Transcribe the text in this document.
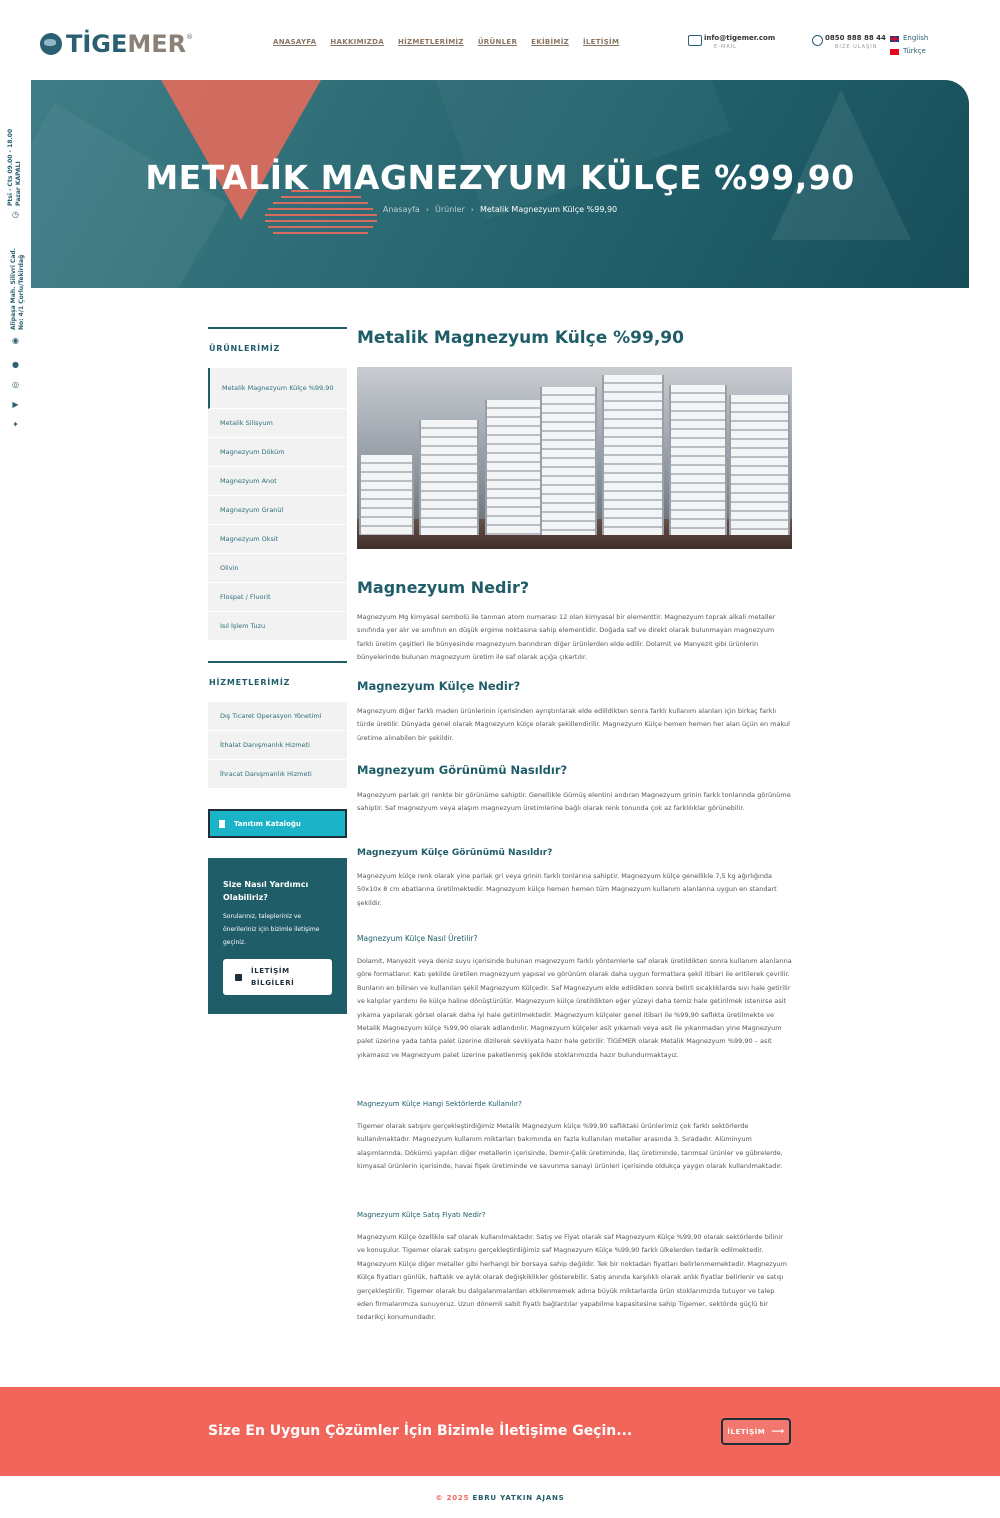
TİGEMER ®
ANASAYFA HAKKIMIZDA HİZMETLERİMİZ ÜRÜNLER EKİBİMİZ İLETİŞİM	info@tigemer.com
E-MAİL
0850 888 88 44
BİZE ULAŞIN
English
Türkçe
Ptsi - Cts 09.00 - 18.00 Pazar KAPALI
◷
Alipaşa Mah. Silivri Cad. No: 4/1 Çorlu/Tekirdağ
◉
●
◎
▶
✦
METALİK MAGNEZYUM KÜLÇE %99,90
Anasayfa › Ürünler › Metalik Magnezyum Külçe %99,90
ÜRÜNLERİMİZ
Metalik Magnezyum Külçe %99,90
Metalik Silisyum
Magnezyum Döküm
Magnezyum Anot
Magnezyum Granül
Magnezyum Oksit
Olivin
Flospat / Fluorit
Isıl İşlem Tuzu
HİZMETLERİMİZ
Dış Ticaret Operasyon Yönetimi
İthalat Danışmanlık Hizmeti
İhracat Danışmanlık Hizmeti
Tanıtım Kataloğu
Size Nasıl Yardımcı Olabiliriz?
Sorularınız, talepleriniz ve önerileriniz için bizimle iletişime geçiniz.
İLETİŞİM BİLGİLERİ
Metalik Magnezyum Külçe %99,90
Magnezyum Nedir?
Magnezyum Mg kimyasal sembolü ile tanınan atom numarası 12 olan kimyasal bir elementtir. Magnezyum toprak alkali metaller sınıfında yer alır ve sınıfının en düşük ergime noktasına sahip elementidir. Doğada saf ve direkt olarak bulunmayan magnezyum farklı üretim çeşitleri ile bünyesinde magnezyum barındıran diğer ürünlerden elde edilir. Dolamit ve Manyezit gibi ürünlerin bünyelerinde bulunan magnezyum üretim ile saf olarak açığa çıkartılır.
Magnezyum Külçe Nedir?
Magnezyum diğer farklı maden ürünlerinin içerisinden ayrıştırılarak elde edilldikten sonra farklı kullanım alanları için birkaç farklı türde üretilir. Dünyada genel olarak Magnezyum külçe olarak şekillendirilir. Magnezyum Külçe hemen hemen her alan üçün en makul üretime alınabilen bir şekildir.
Magnezyum Görünümü Nasıldır?
Magnezyum parlak gri renkte bir görünüme sahiptir. Genellikle Gümüş elentini andıran Magnezyum grinin farklı tonlarında görünüme sahiptir. Saf magnezyum veya alaşım magnezyum üretimlerine bağlı olarak renk tonunda çok az farklılıklar görünebilir.
Magnezyum Külçe Görünümü Nasıldır?
Magnezyum külçe renk olarak yine parlak gri veya grinin farklı tonlarına sahiptir. Magnezyum külçe genellikle 7,5 kg ağırlığında 50x10x 8 cm ebatlarına üretilmektedir. Magnezyum külçe hemen hemen tüm Magnezyum kullanım alanlarına uygun en standart şekildir.
Magnezyum Külçe Nasıl Üretilir?
Dolamit, Manyezit veya deniz suyu içerisinde bulunan magnezyum farklı yöntemlerle saf olarak üretildikten sonra kullanım alanlarına göre formatlanır. Katı şekilde üretilen magnezyum yapısal ve görünüm olarak daha uygun formatlara şekil itibari ile eritilerek çevrilir. Bunların en bilinen ve kullanılan şekil Magnezyum Külçedir. Saf Magnezyum elde edildikten sonra belirli sıcaklıklarda sıvı hale getirilir ve kalıplar yardımı ile külçe haline dönüştürülür. Magnezyum külçe üretildikten eğer yüzeyi daha temiz hale getirilmek istenirse asit yıkama yapılarak görsel olarak daha iyi hale getirilmektedir. Magnezyum külçeler genel itibari ile %99,90 saflıkta üretilmekte ve Metalik Magnezyum külçe %99,90 olarak adlandırılır. Magnezyum külçeler asit yıkamalı veya asit ile yıkanmadan yine Magnezyum palet üzerine yada tahta palet üzerine dizilerek sevkiyata hazır hale getirilir. TİGEMER olarak Metalik Magnezyum %99,90 – asit yıkamasız ve Magnezyum palet üzerine paketlenmiş şekilde stoklarımızda hazır bulundurmaktayız.
Magnezyum Külçe Hangi Sektörlerde Kullanılır?
Tigemer olarak satışını gerçekleştirdiğimiz Metalik Magnezyum külçe %99,90 saflıktaki ürünlerimiz çok farklı sektörlerde kullanılmaktadır. Magnezyum kullanım miktarları bakımında en fazla kullanılan metaller arasında 3. Sıradadır. Alüminyum alaşımlarında, Dökümü yapılan diğer metallerin içerisinde, Demir-Çelik üretiminde, İlaç üretiminde, tarımsal ürünler ve gübrelerde, kimyasal ürünlerin içerisinde, havai fişek üretiminde ve savunma sanayi ürünleri içerisinde oldukça yaygın olarak kullanılmaktadır.
Magnezyum Külçe Satış Fiyatı Nedir?
Magnezyum Külçe özellikle saf olarak kullanılmaktadır. Satış ve Fiyat olarak saf Magnezyum Külçe %99,90 olarak sektörlerde bilinir ve konuşulur. Tigemer olarak satışını gerçekleştirdiğimiz saf Magnezyum Külçe %99,90 farklı ülkelerden tedarik edilmektedir. Magnezyum Külçe diğer metaller gibi herhangi bir borsaya sahip değildir. Tek bir noktadan fiyatları belirlenmemektedir. Magnezyum Külçe fiyatları günlük, haftalık ve aylık olarak değişkiklikler gösterebilir. Satış anında karşılıklı olarak anlık fiyatlar belirlenir ve satışı gerçekleştirilir. Tigemer olarak bu dalgalanmalardan etkilenmemek adına büyük miktarlarda ürün stoklarımızda tutuyor ve talep eden firmalarımıza sunuyoruz. Uzun dönemli sabit fiyatlı bağlantılar yapabilme kapasitesine sahip Tigemer, sektörde güçlü bir tedarikçi konumundadır.
Size En Uygun Çözümler İçin Bizimle İletişime Geçin...	İLETİŞİM ⟶
© 2025 EBRU YATKIN AJANS
